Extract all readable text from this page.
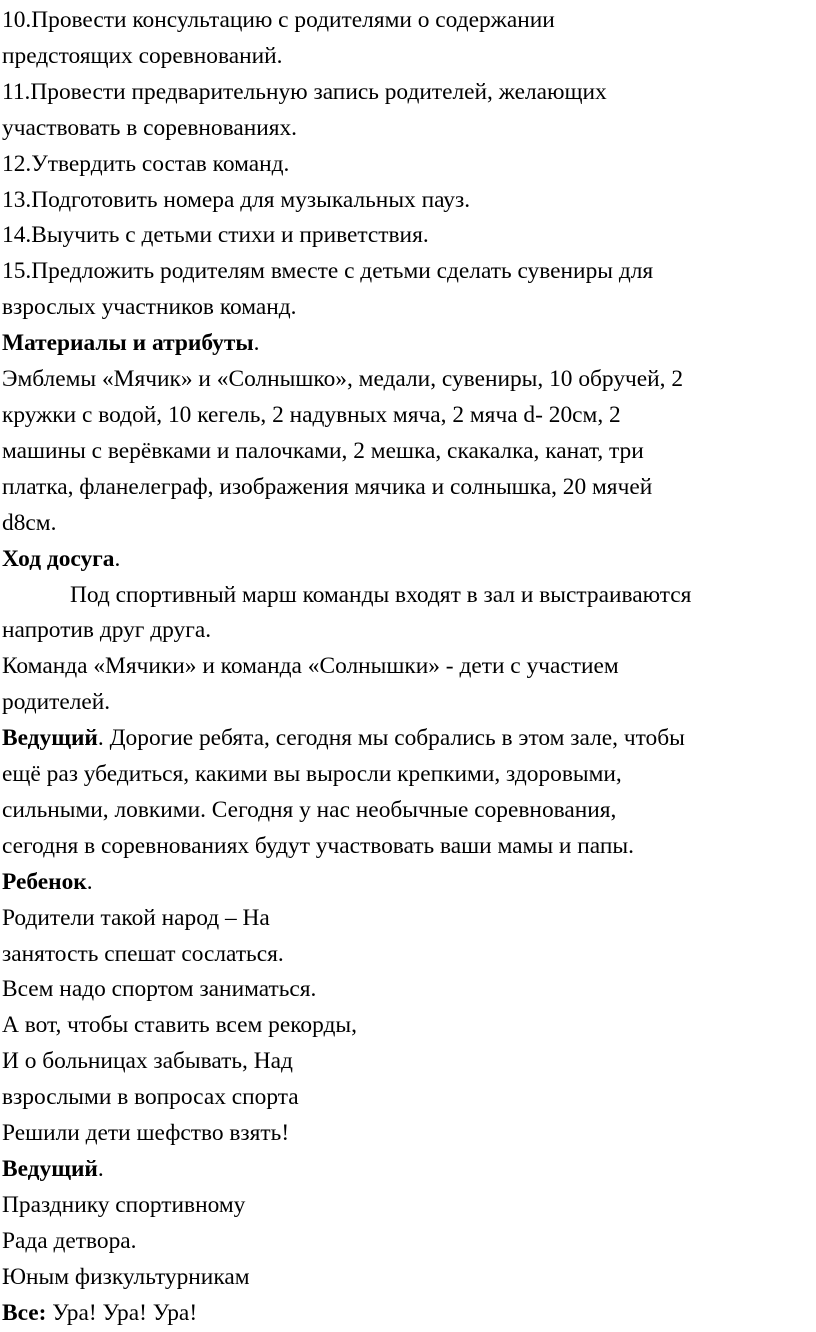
10.Провести консультацию с родителями о содержании
предстоящих соревнований.
11.Провести предварительную запись родителей, желающих
участвовать в соревнованиях.
12.Утвердить состав команд.
13.Подготовить номера для музыкальных пауз.
14.Выучить с детьми стихи и приветствия.
15.Предложить родителям вместе с детьми сделать сувениры для
взрослых участников команд.
Материалы и атрибуты.
Эмблемы «Мячик» и «Солнышко», медали, сувениры, 10 обручей, 2
кружки с водой, 10 кегель, 2 надувных мяча, 2 мяча d- 20см, 2
машины с верёвками и палочками, 2 мешка, скакалка, канат, три
платка, фланелеграф, изображения мячика и солнышка, 20 мячей
d8см.
Ход досуга.
Под спортивный марш команды входят в зал и выстраиваются
напротив друг друга.
Команда «Мячики» и команда «Солнышки» - дети с участием
родителей.
Ведущий. Дорогие ребята, сегодня мы собрались в этом зале, чтобы
ещё раз убедиться, какими вы выросли крепкими, здоровыми,
сильными, ловкими. Сегодня у нас необычные соревнования,
сегодня в соревнованиях будут участвовать ваши мамы и папы.
Ребенок.
Родители такой народ – На
занятость спешат сослаться.
Всем надо спортом заниматься.
А вот, чтобы ставить всем рекорды,
И о больницах забывать, Над
взрослыми в вопросах спорта
Решили дети шефство взять!
Ведущий.
Празднику спортивному
Рада детвора.
Юным физкультурникам
Все: Ура! Ура! Ура!
